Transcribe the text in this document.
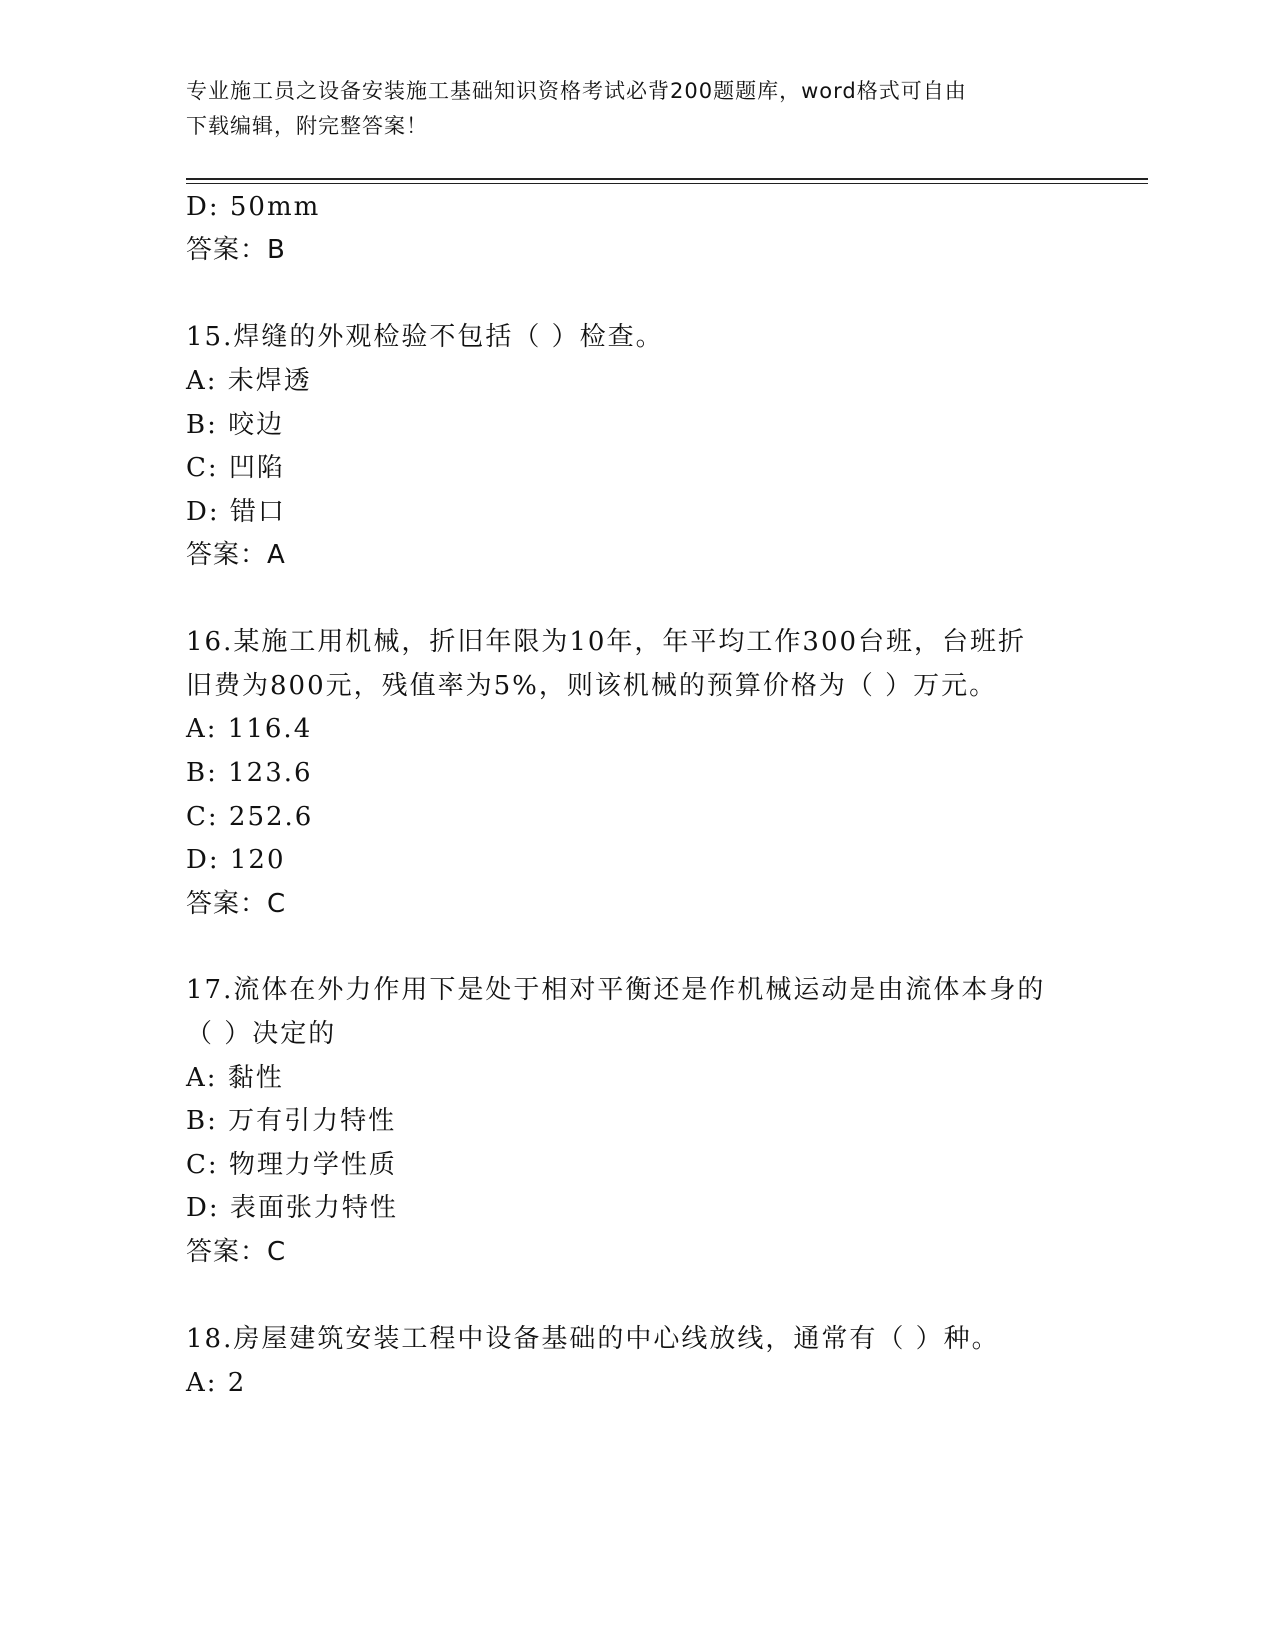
专业施工员之设备安装施工基础知识资格考试必背200题题库，word格式可自由
下载编辑，附完整答案！
D: 50mm
答案：B
15.焊缝的外观检验不包括（ ）检查。
A: 未焊透
B: 咬边
C: 凹陷
D: 错口
答案：A
16.某施工用机械，折旧年限为10年，年平均工作300台班，台班折
旧费为800元，残值率为5%，则该机械的预算价格为（ ）万元。
A: 116.4
B: 123.6
C: 252.6
D: 120
答案：C
17.流体在外力作用下是处于相对平衡还是作机械运动是由流体本身的
（ ）决定的
A: 黏性
B: 万有引力特性
C: 物理力学性质
D: 表面张力特性
答案：C
18.房屋建筑安装工程中设备基础的中心线放线，通常有（ ）种。
A: 2
